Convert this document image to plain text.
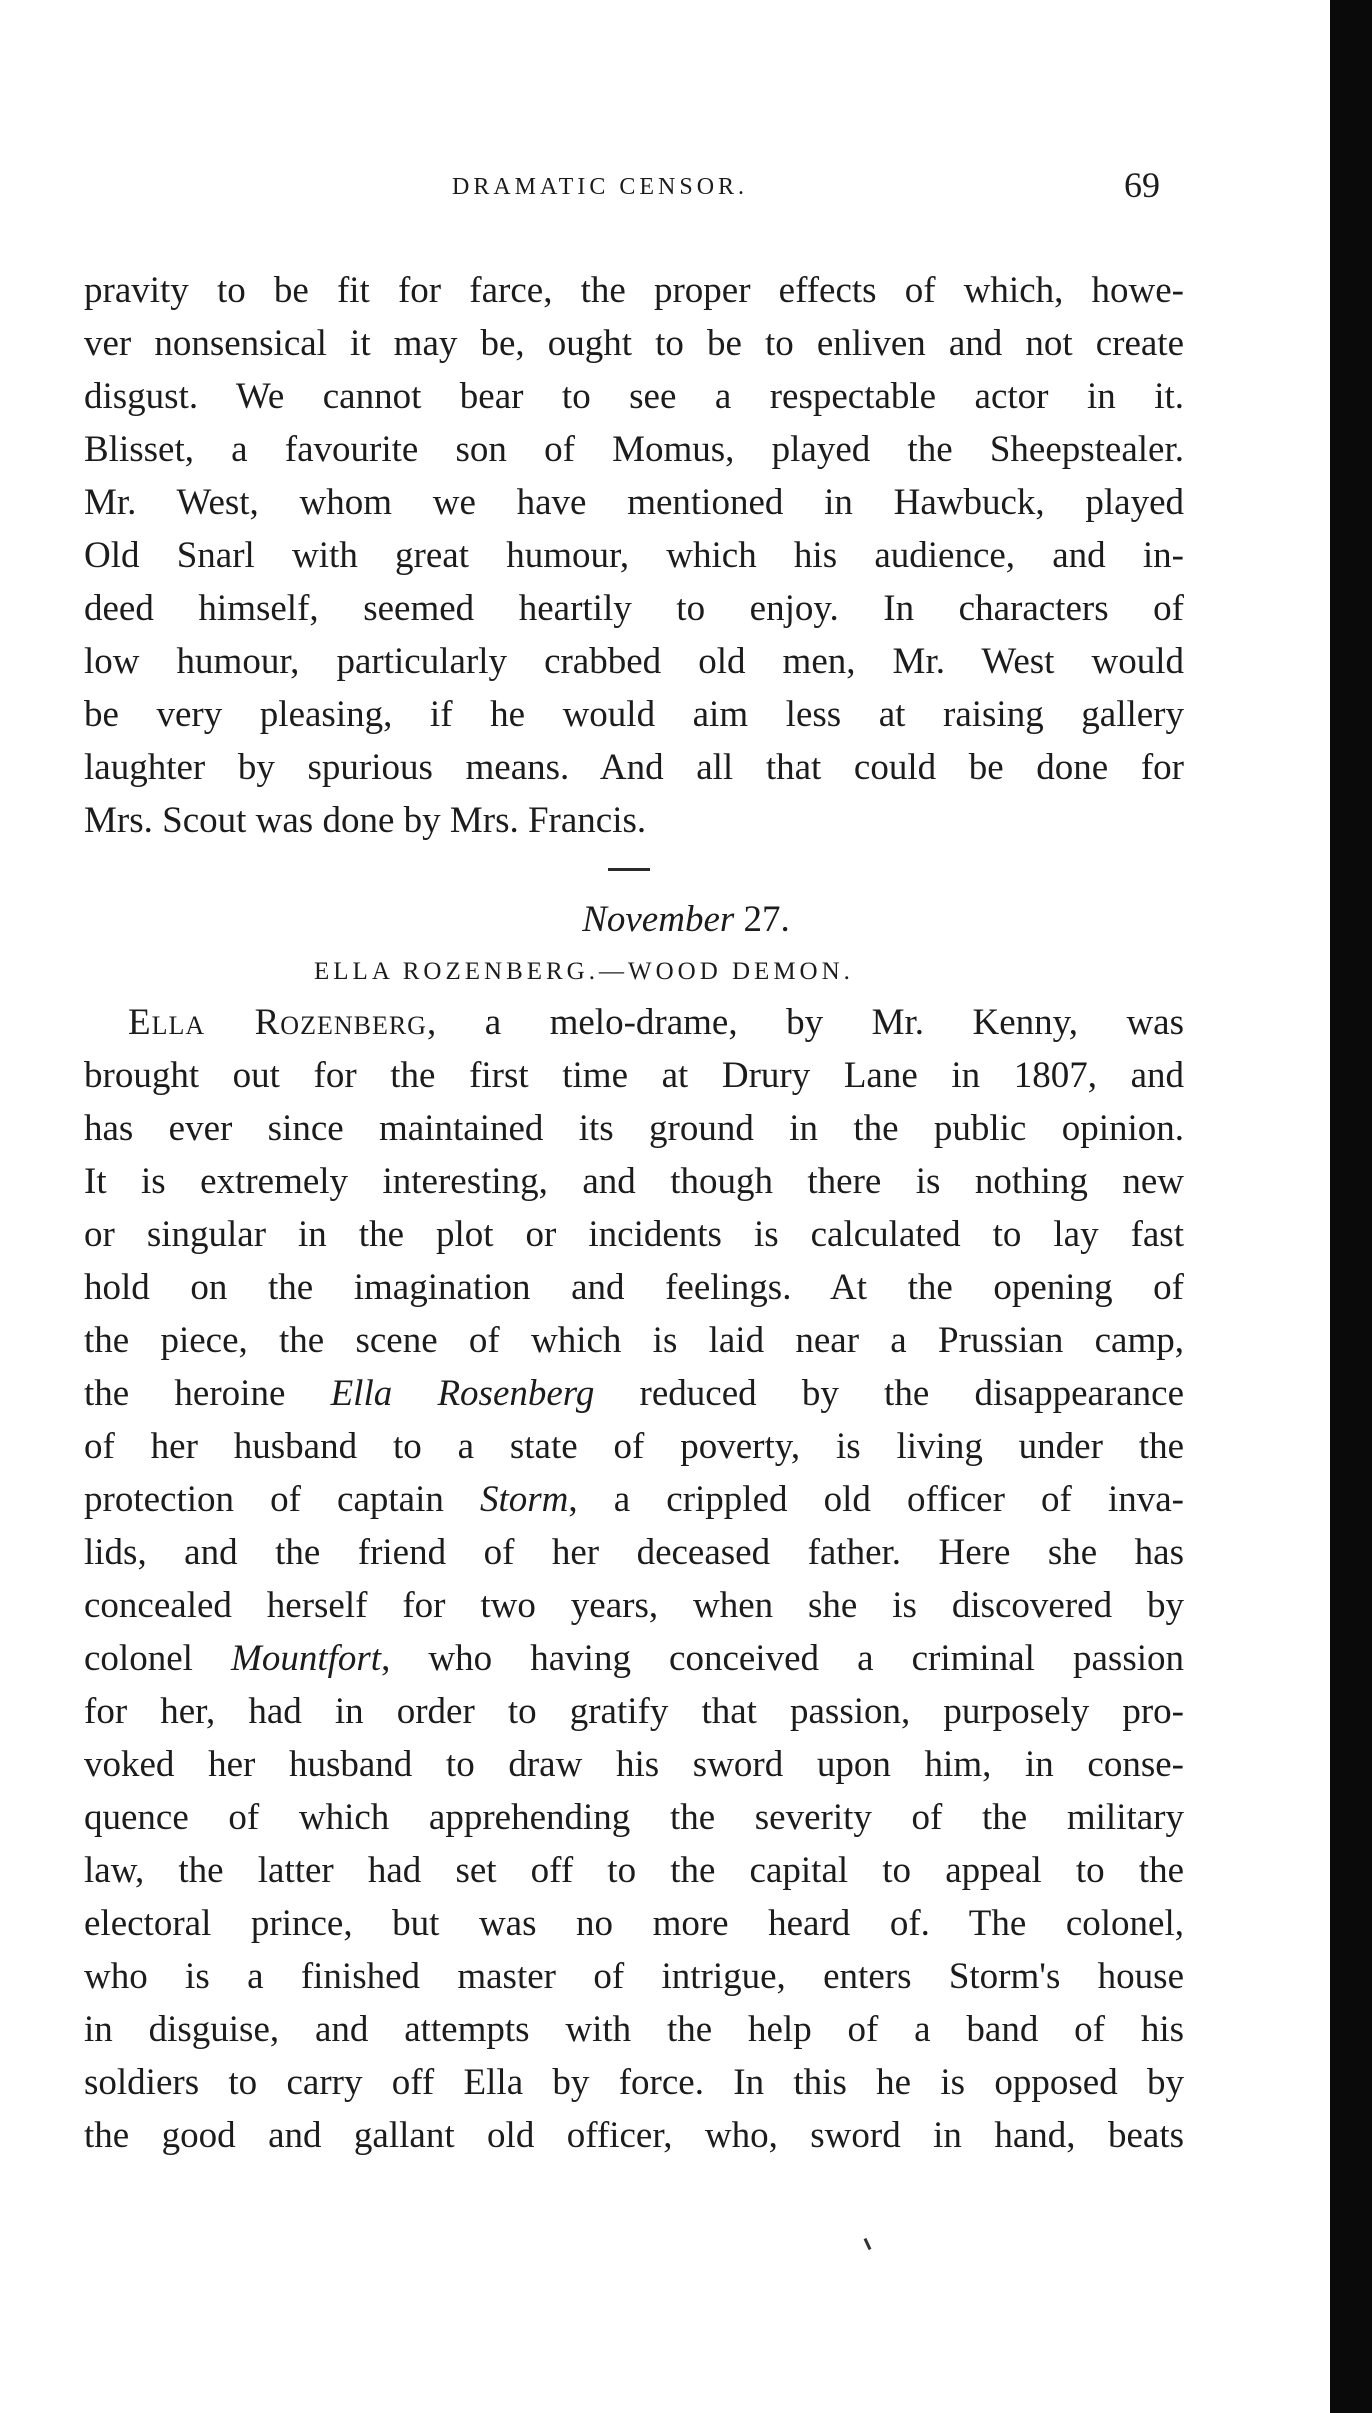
DRAMATIC CENSOR.	69
pravity to be fit for farce, the proper effects of which, howe-
ver nonsensical it may be, ought to be to enliven and not create
disgust. We cannot bear to see a respectable actor in it.
Blisset, a favourite son of Momus, played the Sheepstealer.
Mr. West, whom we have mentioned in Hawbuck, played
Old Snarl with great humour, which his audience, and in-
deed himself, seemed heartily to enjoy. In characters of
low humour, particularly crabbed old men, Mr. West would
be very pleasing, if he would aim less at raising gallery
laughter by spurious means. And all that could be done for
Mrs. Scout was done by Mrs. Francis.
November 27.
ELLA ROZENBERG.—WOOD DEMON.
Ella Rozenberg, a melo-drame, by Mr. Kenny, was
brought out for the first time at Drury Lane in 1807, and
has ever since maintained its ground in the public opinion.
It is extremely interesting, and though there is nothing new
or singular in the plot or incidents is calculated to lay fast
hold on the imagination and feelings. At the opening of
the piece, the scene of which is laid near a Prussian camp,
the heroine Ella Rosenberg reduced by the disappearance
of her husband to a state of poverty, is living under the
protection of captain Storm, a crippled old officer of inva-
lids, and the friend of her deceased father. Here she has
concealed herself for two years, when she is discovered by
colonel Mountfort, who having conceived a criminal passion
for her, had in order to gratify that passion, purposely pro-
voked her husband to draw his sword upon him, in conse-
quence of which apprehending the severity of the military
law, the latter had set off to the capital to appeal to the
electoral prince, but was no more heard of. The colonel,
who is a finished master of intrigue, enters Storm's house
in disguise, and attempts with the help of a band of his
soldiers to carry off Ella by force. In this he is opposed by
the good and gallant old officer, who, sword in hand, beats
